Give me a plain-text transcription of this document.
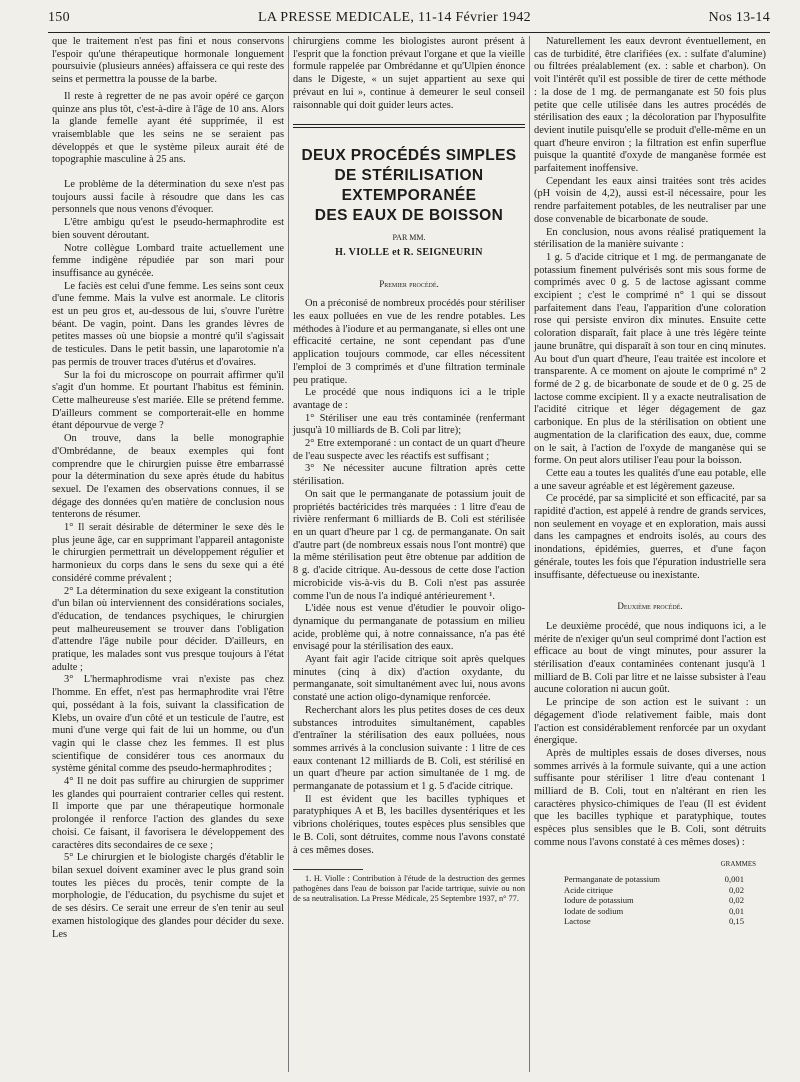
150	LA PRESSE MEDICALE, 11-14 Février 1942	Nos 13-14

que le traitement n'est pas fini et nous conservons l'espoir qu'une thérapeutique hormonale longuement poursuivie (plusieurs années) affaissera ce qui reste des seins et permettra la pousse de la barbe.

Il reste à regretter de ne pas avoir opéré ce garçon quinze ans plus tôt, c'est-à-dire à l'âge de 10 ans. Alors la glande femelle ayant été supprimée, il est vraisemblable que les seins ne se seraient pas développés et que le système pileux aurait été de topographie masculine à 25 ans.

Le problème de la détermination du sexe n'est pas toujours aussi facile à résoudre que dans les cas personnels que nous venons d'évoquer.

L'être ambigu qu'est le pseudo-hermaphrodite est bien souvent déroutant.

Notre collègue Lombard traite actuellement une femme indigène répudiée par son mari pour insuffisance au gynécée.

Le faciès est celui d'une femme. Les seins sont ceux d'une femme. Mais la vulve est anormale. Le clitoris est un peu gros et, au-dessous de lui, s'ouvre l'urètre béant. De vagin, point. Dans les grandes lèvres de petites masses où une biopsie a montré qu'il s'agissait de testicules. Dans le petit bassin, une laparotomie n'a pas permis de trouver traces d'utérus et d'ovaires.

Sur la foi du microscope on pourrait affirmer qu'il s'agit d'un homme. Et pourtant l'habitus est féminin. Cette malheureuse s'est mariée. Elle se prétend femme. D'ailleurs comment se comporterait-elle en homme étant dépourvue de verge ?

On trouve, dans la belle monographie d'Ombrédanne, de beaux exemples qui font comprendre que le chirurgien puisse être embarrassé pour la détermination du sexe après étude du habitus sexuel. De l'examen des observations connues, il se dégage des données qu'en matière de conclusion nous tenterons de résumer.

1° Il serait désirable de déterminer le sexe dès le plus jeune âge, car en supprimant l'appareil antagoniste le chirurgien permettrait un développement régulier et harmonieux du corps dans le sens du sexe qui a été considéré comme prévalent ;

2° La détermination du sexe exigeant la constitution d'un bilan où interviennent des considérations sociales, d'éducation, de tendances psychiques, le chirurgien peut malheureusement se trouver dans l'obligation d'attendre l'âge nubile pour décider. D'ailleurs, en pratique, les malades sont vus presque toujours à l'état adulte ;

3° L'hermaphrodisme vrai n'existe pas chez l'homme. En effet, n'est pas hermaphrodite vrai l'être qui, possédant à la fois, suivant la classification de Klebs, un ovaire d'un côté et un testicule de l'autre, est muni d'une verge qui fait de lui un homme, ou d'un vagin qui le classe chez les femmes. Il est plus scientifique de considérer tous ces anormaux du système génital comme des pseudo-hermaphrodites ;

4° Il ne doit pas suffire au chirurgien de supprimer les glandes qui pourraient contrarier celles qui restent. Il importe que par une thérapeutique hormonale prolongée il renforce l'action des glandes du sexe choisi. Ce faisant, il favorisera le développement des caractères dits secondaires de ce sexe ;

5° Le chirurgien et le biologiste chargés d'établir le bilan sexuel doivent examiner avec le plus grand soin toutes les pièces du procès, tenir compte de la morphologie, de l'éducation, du psychisme du sujet et de ses désirs. Ce serait une erreur de s'en tenir au seul examen histologique des glandes pour décider du sexe. Les

chirurgiens comme les biologistes auront présent à l'esprit que la fonction prévaut l'organe et que la vieille formule rappelée par Ombrédanne et qu'Ulpien énonce dans le Digeste, « un sujet appartient au sexe qui prévaut en lui », continue à demeurer le seul conseil raisonnable qui doit guider leurs actes.

DEUX PROCÉDÉS SIMPLES
DE STÉRILISATION
EXTEMPORANÉE
DES EAUX DE BOISSON
PAR MM.
H. VIOLLE et R. SEIGNEURIN
Premier procédé.

On a préconisé de nombreux procédés pour stériliser les eaux polluées en vue de les rendre potables. Les méthodes à l'iodure et au permanganate, si elles ont une efficacité certaine, ne sont cependant pas d'une application toujours commode, car elles nécessitent l'emploi de 3 comprimés et d'une filtration terminale peu pratique.

Le procédé que nous indiquons ici a le triple avantage de :

1° Stériliser une eau très contaminée (renfermant jusqu'à 10 milliards de B. Coli par litre);

2° Etre extemporané : un contact de un quart d'heure de l'eau suspecte avec les réactifs est suffisant ;

3° Ne nécessiter aucune filtration après cette stérilisation.

On sait que le permanganate de potassium jouit de propriétés bactéricides très marquées : 1 litre d'eau de rivière renfermant 6 milliards de B. Coli est stérilisée en un quart d'heure par 1 cg. de permanganate. On sait d'autre part (de nombreux essais nous l'ont montré) que la même stérilisation peut être obtenue par addition de 8 g. d'acide citrique. Au-dessous de cette dose l'action microbicide vis-à-vis du B. Coli n'est pas assurée comme l'un de nous l'a indiqué antérieurement ¹.

L'idée nous est venue d'étudier le pouvoir oligo-dynamique du permanganate de potassium en milieu acide, problème qui, à notre connaissance, n'a pas été envisagé pour la stérilisation des eaux.

Ayant fait agir l'acide citrique soit après quelques minutes (cinq à dix) d'action oxydante, du permanganate, soit simultanément avec lui, nous avons constaté une action oligo-dynamique renforcée.

Recherchant alors les plus petites doses de ces deux substances introduites simultanément, capables d'entraîner la stérilisation des eaux polluées, nous sommes arrivés à la conclusion suivante : 1 litre de ces eaux contenant 12 milliards de B. Coli, est stérilisé en un quart d'heure par action simultanée de 1 mg. de permanganate de potassium et 1 g. 5 d'acide citrique.

Il est évident que les bacilles typhiques et paratyphiques A et B, les bacilles dysentériques et les vibrions cholériques, toutes espèces plus sensibles que le B. Coli, sont détruites, comme nous l'avons constaté à ces mêmes doses.

1. H. Violle : Contribution à l'étude de la destruction des germes pathogènes dans l'eau de boisson par l'acide tartrique, suivie ou non de sa neutralisation. La Presse Médicale, 25 Septembre 1937, n° 77.

Naturellement les eaux devront éventuellement, en cas de turbidité, être clarifiées (ex. : sulfate d'alumine) ou filtrées préalablement (ex. : sable et charbon). On voit l'intérêt qu'il est possible de tirer de cette méthode : la dose de 1 mg. de permanganate est 50 fois plus petite que celle utilisée dans les autres procédés de stérilisation des eaux ; la décoloration par l'hyposulfite devient inutile puisqu'elle se produit d'elle-même en un quart d'heure environ ; la filtration est enfin superflue puisque la quantité d'oxyde de manganèse formée est parfaitement inoffensive.

Cependant les eaux ainsi traitées sont très acides (pH voisin de 4,2), aussi est-il nécessaire, pour les rendre parfaitement potables, de les neutraliser par une dose convenable de bicarbonate de soude.

En conclusion, nous avons réalisé pratiquement la stérilisation de la manière suivante :

1 g. 5 d'acide citrique et 1 mg. de permanganate de potassium finement pulvérisés sont mis sous forme de comprimés avec 0 g. 5 de lactose agissant comme excipient ; c'est le comprimé n° 1 qui se dissout parfaitement dans l'eau, l'apparition d'une coloration rose qui persiste environ dix minutes. Ensuite cette coloration disparaît, fait place à une très légère teinte jaune brunâtre, qui disparaît à son tour en cinq minutes. Au bout d'un quart d'heure, l'eau traitée est incolore et transparente. A ce moment on ajoute le comprimé n° 2 formé de 2 g. de bicarbonate de soude et de 0 g. 25 de lactose comme excipient. Il y a exacte neutralisation de l'acidité citrique et léger dégagement de gaz carbonique. En plus de la stérilisation on obtient une augmentation de la clarification des eaux, due, comme on le sait, à l'action de l'oxyde de manganèse qui se forme. On peut alors utiliser l'eau pour la boisson.

Cette eau a toutes les qualités d'une eau potable, elle a une saveur agréable et est légèrement gazeuse.

Ce procédé, par sa simplicité et son efficacité, par sa rapidité d'action, est appelé à rendre de grands services, non seulement en voyage et en exploration, mais aussi dans les campagnes et endroits isolés, au cours des inondations, épidémies, guerres, et d'une façon générale, toutes les fois que l'épuration industrielle sera insuffisante, défectueuse ou inexistante.

Deuxième procédé.

Le deuxième procédé, que nous indiquons ici, a le mérite de n'exiger qu'un seul comprimé dont l'action est efficace au bout de vingt minutes, pour assurer la stérilisation d'eaux contaminées contenant jusqu'à 1 milliard de B. Coli par litre et ne laisse subsister à l'eau aucune coloration ni aucun goût.

Le principe de son action est le suivant : un dégagement d'iode relativement faible, mais dont l'action est considérablement renforcée par un oxydant énergique.

Après de multiples essais de doses diverses, nous sommes arrivés à la formule suivante, qui a une action suffisante pour stériliser 1 litre d'eau contenant 1 milliard de B. Coli, tout en n'altérant en rien les caractères physico-chimiques de l'eau (Il est évident que les bacilles typhique et paratyphique, toutes espèces plus sensibles que le B. Coli, sont détruits comme nous l'avons constaté à ces mêmes doses) :

GRAMMES
Permanganate de potassium	0,001
Acide citrique	0,02
Iodure de potassium	0,02
Iodate de sodium	0,01
Lactose	0,15
